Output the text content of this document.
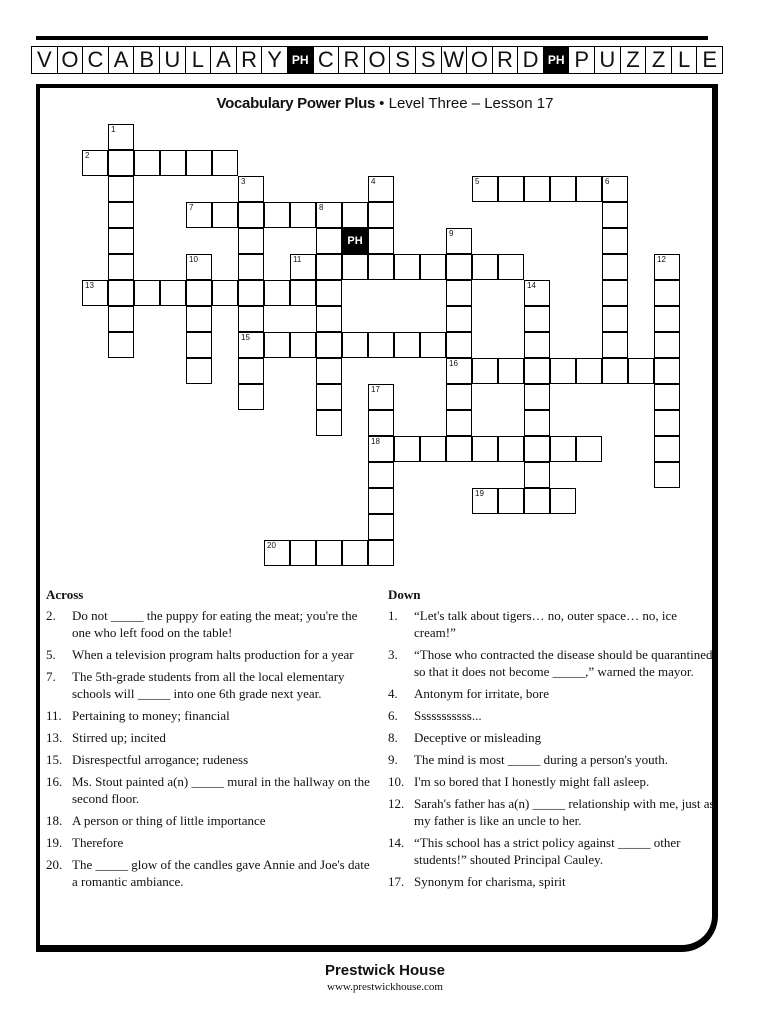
V O C A B U L A R Y PH C R O S S W O R D PH P U Z Z L E
Vocabulary Power Plus • Level Three – Lesson 17
2
5	6
7	8
11
13
15
16
18
19
20
1
3	4
9
10	12
14
17
PH
Across
2.	Do not _____ the puppy for eating the meat; you're the one who left food on the table!
5.	When a television program halts production for a year
7.	The 5th-grade students from all the local elementary schools will _____ into one 6th grade next year.
11. Pertaining to money; financial
13. Stirred up; incited
15. Disrespectful arrogance; rudeness
16. Ms. Stout painted a(n) _____ mural in the hallway on the second floor.
18. A person or thing of little importance
19. Therefore
20. The _____ glow of the candles gave Annie and Joe's date a romantic ambiance.
Down
1.	“Let's talk about tigers… no, outer space… no, ice cream!”
3.	“Those who contracted the disease should be quarantined so that it does not become _____,” warned the mayor.
4.	Antonym for irritate, bore
6.	Sssssssssss...
8.	Deceptive or misleading
9.	The mind is most _____ during a person's youth.
10. I'm so bored that I honestly might fall asleep.
12. Sarah's father has a(n) _____ relationship with me, just as my father is like an uncle to her.
14. “This school has a strict policy against _____ other students!” shouted Principal Cauley.
17. Synonym for charisma, spirit
Prestwick House
www.prestwickhouse.com
